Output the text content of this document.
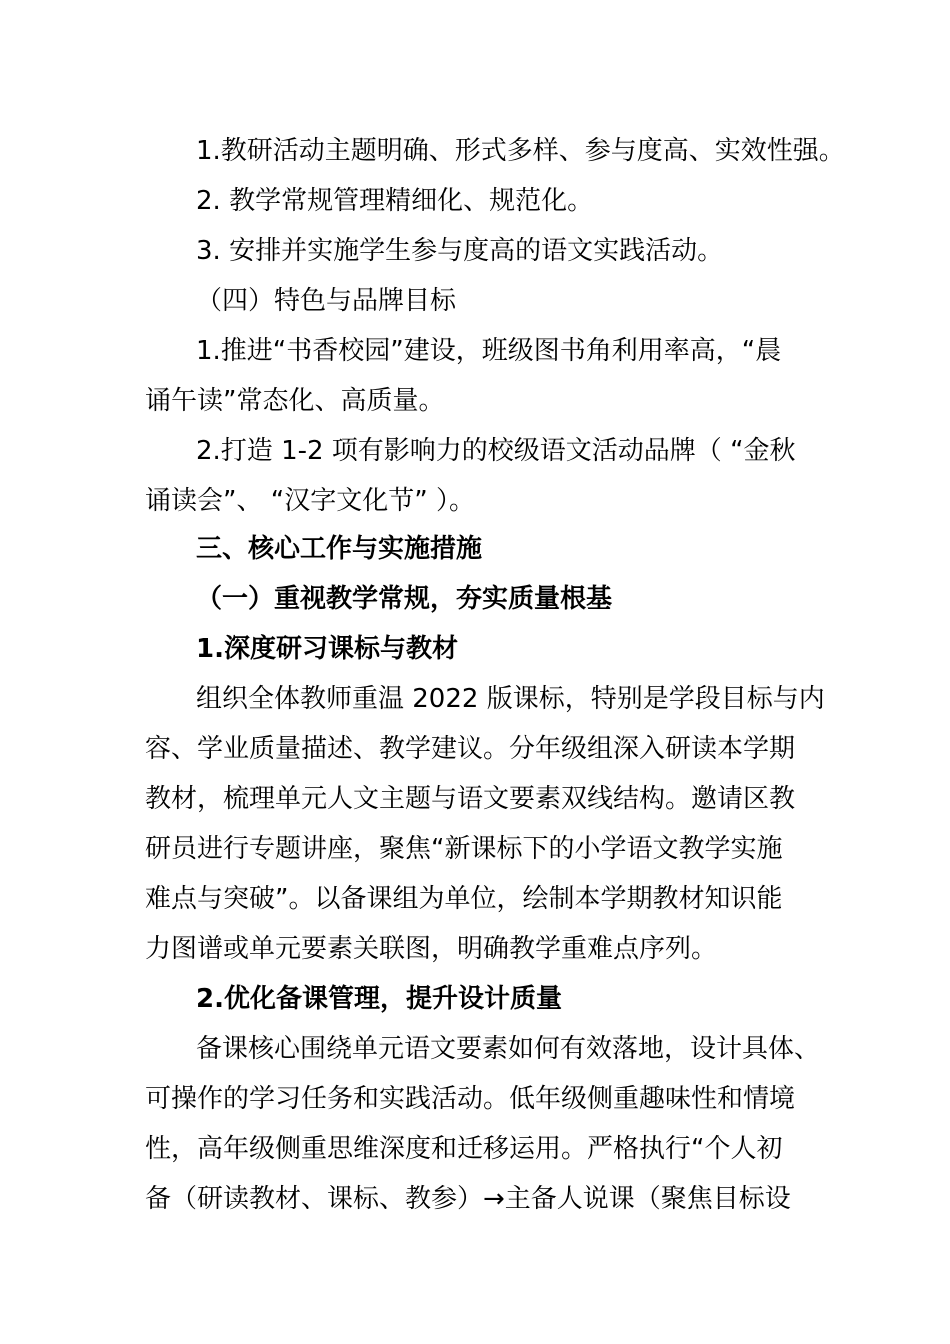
1.教研活动主题明确、形式多样、参与度高、实效性强。
2. 教学常规管理精细化、规范化。
3. 安排并实施学生参与度高的语文实践活动。
（四）特色与品牌目标
1.推进“书香校园”建设，班级图书角利用率高，“晨
诵午读”常态化、高质量。
2.打造 1-2 项有影响力的校级语文活动品牌（ “金秋
诵读会”、 “汉字文化节” ）。
三、核心工作与实施措施
（一）重视教学常规，夯实质量根基
1.深度研习课标与教材
组织全体教师重温 2022 版课标，特别是学段目标与内
容、学业质量描述、教学建议。分年级组深入研读本学期
教材，梳理单元人文主题与语文要素双线结构。邀请区教
研员进行专题讲座，聚焦“新课标下的小学语文教学实施
难点与突破”。以备课组为单位，绘制本学期教材知识能
力图谱或单元要素关联图，明确教学重难点序列。
2.优化备课管理，提升设计质量
备课核心围绕单元语文要素如何有效落地，设计具体、
可操作的学习任务和实践活动。低年级侧重趣味性和情境
性，高年级侧重思维深度和迁移运用。严格执行“个人初
备（研读教材、课标、教参）→主备人说课（聚焦目标设
